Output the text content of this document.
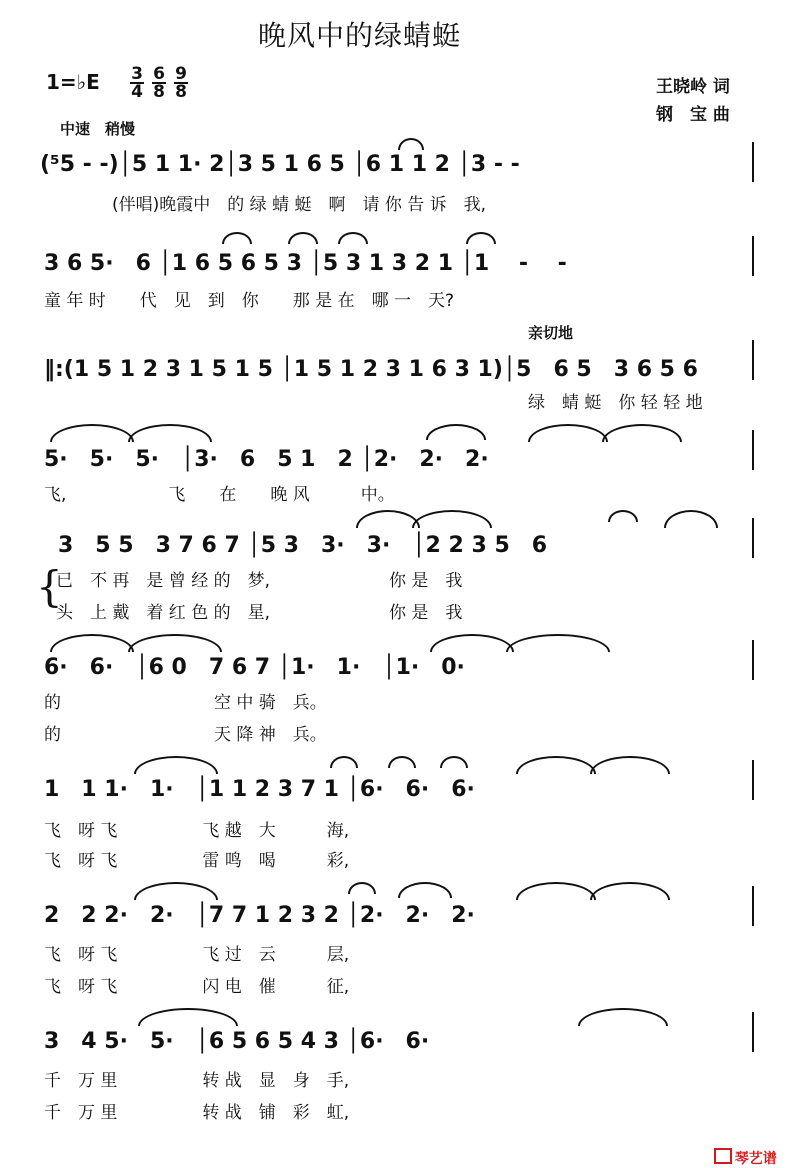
晚风中的绿蜻蜓
1=♭E 3
4
6
8
9
8	王晓岭 词
钢　宝 曲
中速　稍慢
(⁵5 - -)│5 1 1· 2│3 5 1 6 5 │6 1 1 2 │3 - -
(伴唱)晚霞中　的 绿 蜻 蜓　啊　请 你 告 诉　我,
3 6 5·　6 │1 6 5 6 5 3 │5 3 1 3 2 1 │1　 -　 -
童 年 时　　代　见　到　你　　那 是 在　哪 一　天?
亲切地
‖:(1 5 1 2 3 1 5 1 5 │1 5 1 2 3 1 6 3 1)│5　6 5　3 6 5 6
绿　蜻 蜓　你 轻 轻 地
5·　5·　5·　│3·　6　5 1　2 │2·　2·　2·
飞,　　　　　　飞　　在　　晚 风　　　中。
3　5 5　3 7 6 7 │5 3　3·　3·　│2 2 3 5　6
{
已　不 再　是 曾 经 的　梦,　　　　　　　你 是　我
头　上 戴　着 红 色 的　星,　　　　　　　你 是　我
6·　6·　│6 0　7 6 7 │1·　1·　│1·　0·
的　　　　　　　　　空 中 骑　兵。
的　　　　　　　　　天 降 神　兵。
1　1 1·　1·　│1 1 2 3 7 1 │6·　6·　6·
飞　呀 飞　　　　　飞 越　大　　　海,
飞　呀 飞　　　　　雷 鸣　喝　　　彩,
2　2 2·　2·　│7 7 1 2 3 2 │2·　2·　2·
飞　呀 飞　　　　　飞 过　云　　　层,
飞　呀 飞　　　　　闪 电　催　　　征,
3　4 5·　5·　│6 5 6 5 4 3 │6·　6·
千　万 里　　　　　转 战　显　身　手,
千　万 里　　　　　转 战　铺　彩　虹,

琴艺谱
